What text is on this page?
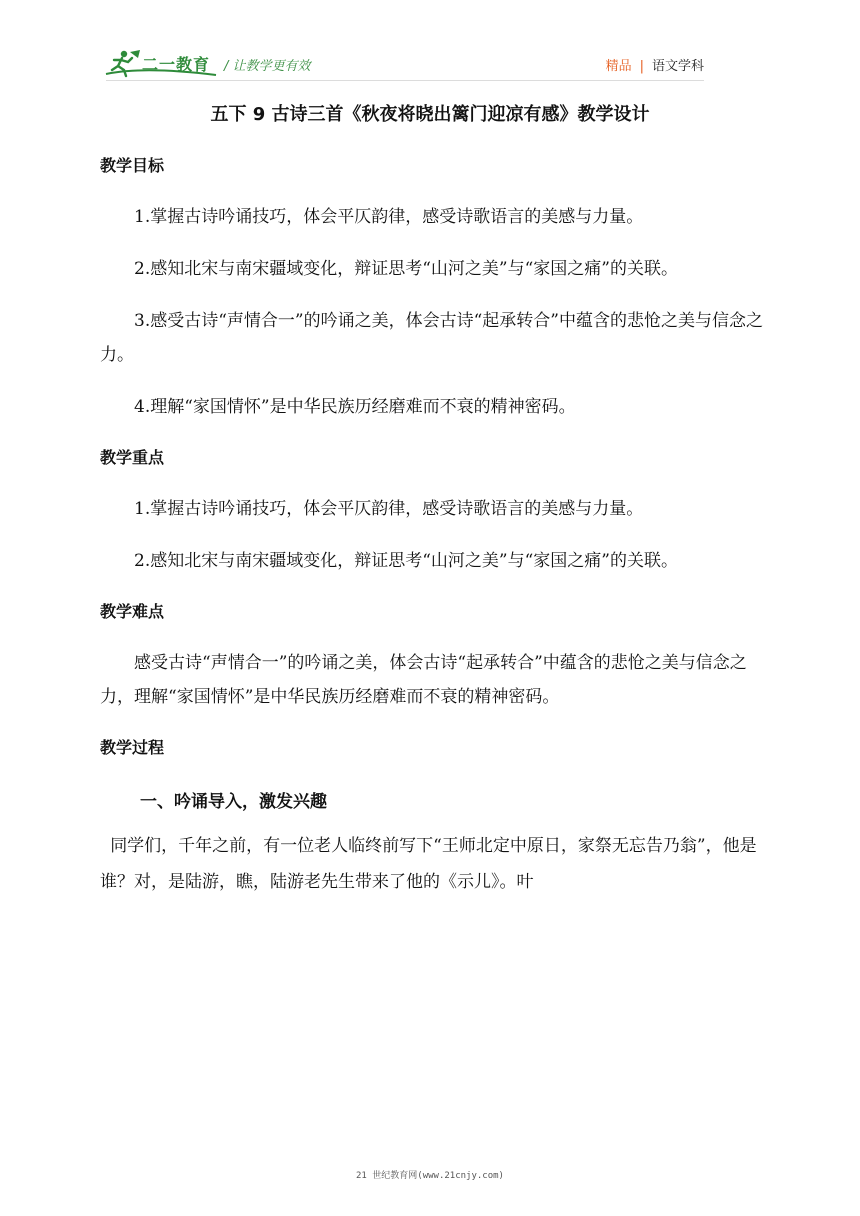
二一教育 / 让教学更有效	精品 | 语文学科
五下 9 古诗三首《秋夜将晓出篱门迎凉有感》教学设计

教学目标

1.掌握古诗吟诵技巧，体会平仄韵律，感受诗歌语言的美感与力量。

2.感知北宋与南宋疆域变化，辩证思考“山河之美”与“家国之痛”的关联。

3.感受古诗“声情合一”的吟诵之美，体会古诗“起承转合”中蕴含的悲怆之美与信念之力。

4.理解“家国情怀”是中华民族历经磨难而不衰的精神密码。

教学重点

1.掌握古诗吟诵技巧，体会平仄韵律，感受诗歌语言的美感与力量。

2.感知北宋与南宋疆域变化，辩证思考“山河之美”与“家国之痛”的关联。

教学难点

感受古诗“声情合一”的吟诵之美，体会古诗“起承转合”中蕴含的悲怆之美与信念之力，理解“家国情怀”是中华民族历经磨难而不衰的精神密码。

教学过程

一、吟诵导入，激发兴趣

同学们，千年之前，有一位老人临终前写下“王师北定中原日，家祭无忘告乃翁”，他是谁？对，是陆游，瞧，陆游老先生带来了他的《示儿》。叶

21 世纪教育网(www.21cnjy.com)
